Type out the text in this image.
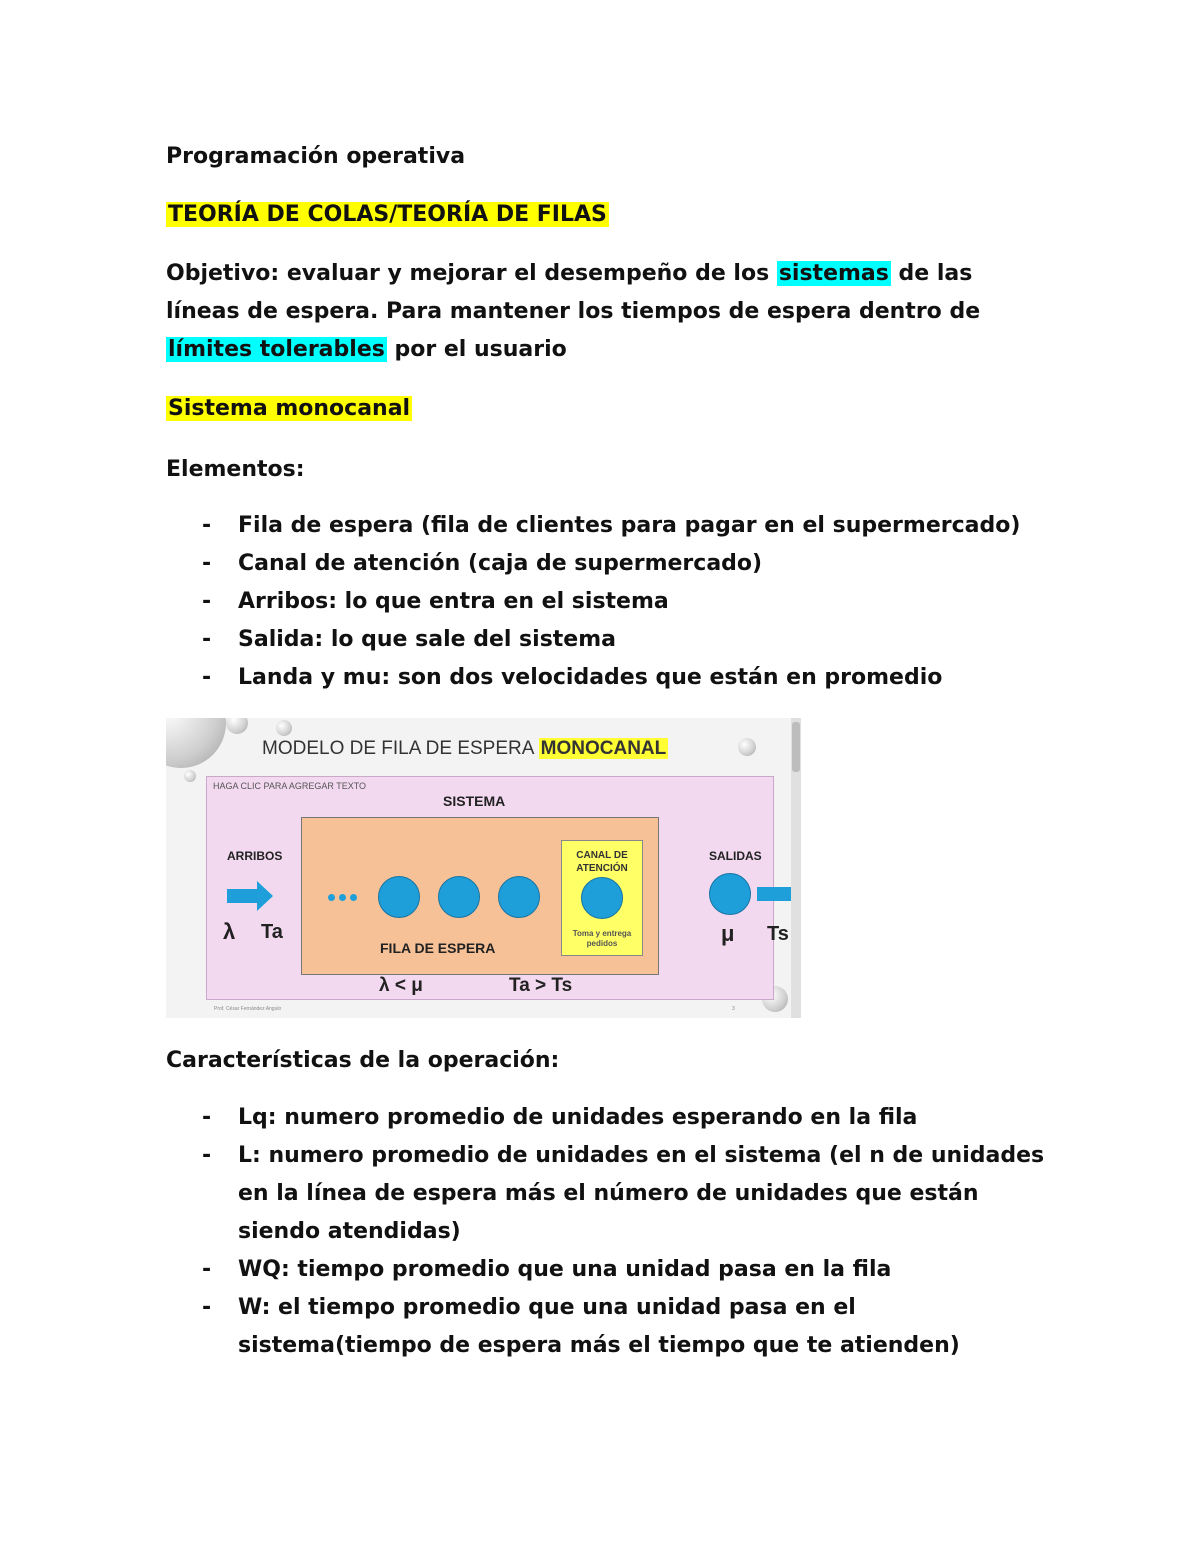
Programación operativa

TEORÍA DE COLAS/TEORÍA DE FILAS

Objetivo: evaluar y mejorar el desempeño de los sistemas de las líneas de espera. Para mantener los tiempos de espera dentro de límites tolerables por el usuario

Sistema monocanal

Elementos:

- Fila de espera (fila de clientes para pagar en el supermercado)
- Canal de atención (caja de supermercado)
- Arribos: lo que entra en el sistema
- Salida: lo que sale del sistema
- Landa y mu: son dos velocidades que están en promedio
MODELO DE FILA DE ESPERA MONOCANAL
HAGA CLIC PARA AGREGAR TEXTO
SISTEMA
ARRIBOS
λ Ta
FILA DE ESPERA
CANAL DE ATENCIÓN
Toma y entrega pedidos
SALIDAS
μ Ts
λ < μ	Ta > Ts
Prof. César Fernández Angulo	3

Características de la operación:

- Lq: numero promedio de unidades esperando en la fila
- L: numero promedio de unidades en el sistema (el n de unidades en la línea de espera más el número de unidades que están siendo atendidas)
- WQ: tiempo promedio que una unidad pasa en la fila
- W: el tiempo promedio que una unidad pasa en el sistema(tiempo de espera más el tiempo que te atienden)
